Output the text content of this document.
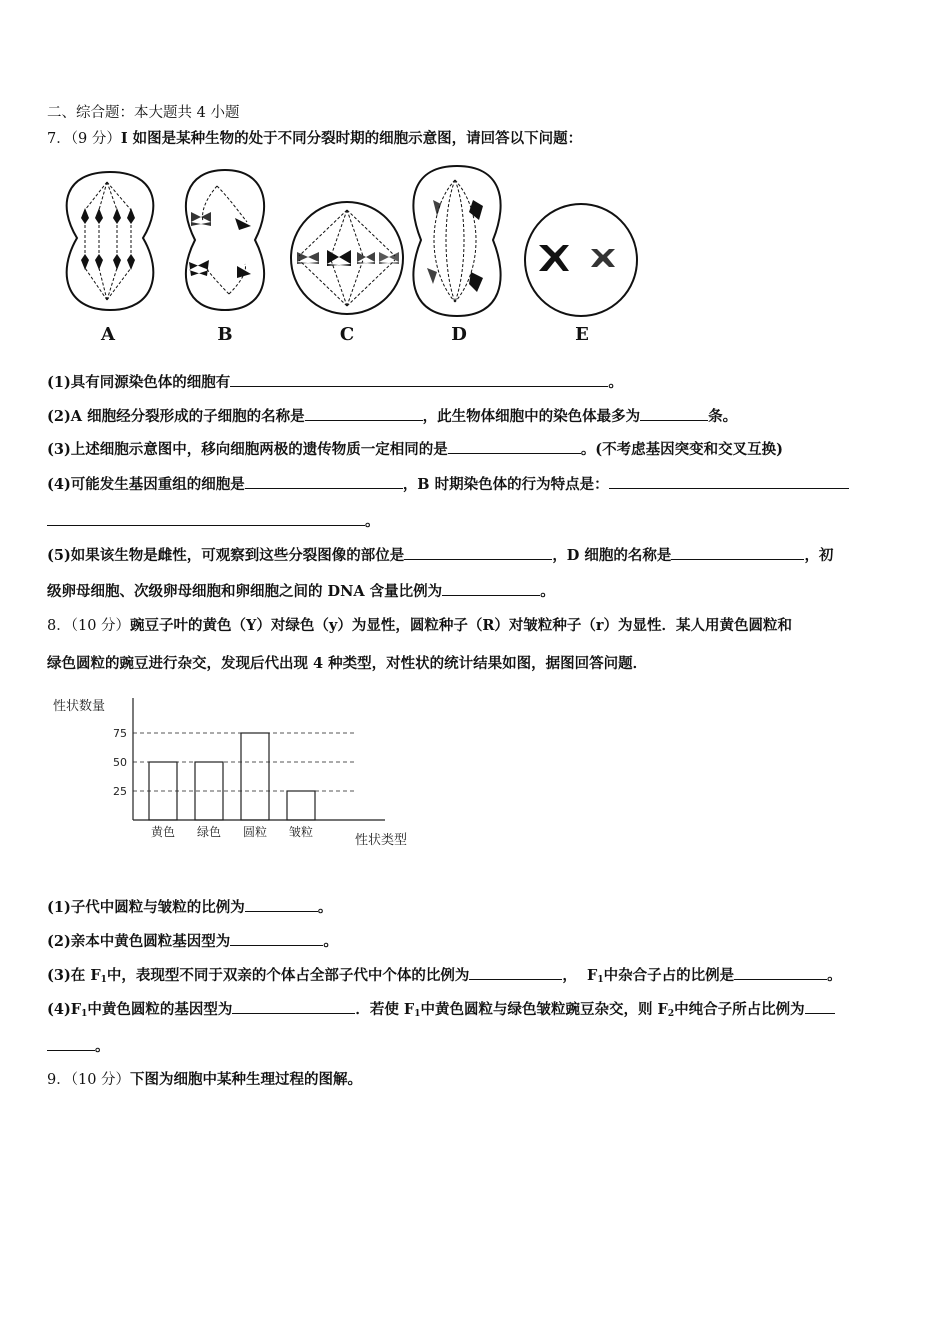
二、综合题：本大题共 4 小题
7．（9 分）I 如图是某种生物的处于不同分裂时期的细胞示意图，请回答以下问题：
A	B	C	D	E
(1)具有同源染色体的细胞有	。
(2)A 细胞经分裂形成的子细胞的名称是	，此生物体细胞中的染色体最多为	条。
(3)上述细胞示意图中，移向细胞两极的遗传物质一定相同的是	。(不考虑基因突变和交叉互换)
(4)可能发生基因重组的细胞是	，B 时期染色体的行为特点是：
。
(5)如果该生物是雌性，可观察到这些分裂图像的部位是	，D 细胞的名称是	，初
级卵母细胞、次级卵母细胞和卵细胞之间的 DNA 含量比例为	。
8．（10 分）豌豆子叶的黄色（Y）对绿色（y）为显性，圆粒种子（R）对皱粒种子（r）为显性．某人用黄色圆粒和
绿色圆粒的豌豆进行杂交，发现后代出现 4 种类型，对性状的统计结果如图，据图回答问题．
25
50
75
黄色 绿色 圆粒 皱粒
性状数量
性状类型
(1)子代中圆粒与皱粒的比例为	。
(2)亲本中黄色圆粒基因型为	。
(3)在 $F_1$中，表现型不同于双亲的个体占全部子代中个体的比例为	， $F_1$中杂合子占的比例是	。
$(4)F_1$中黄色圆粒的基因型为	．若使 $F_1$中黄色圆粒与绿色皱粒豌豆杂交，则 $F_2$中纯合子所占比例为
。
9．（10 分）下图为细胞中某种生理过程的图解。
